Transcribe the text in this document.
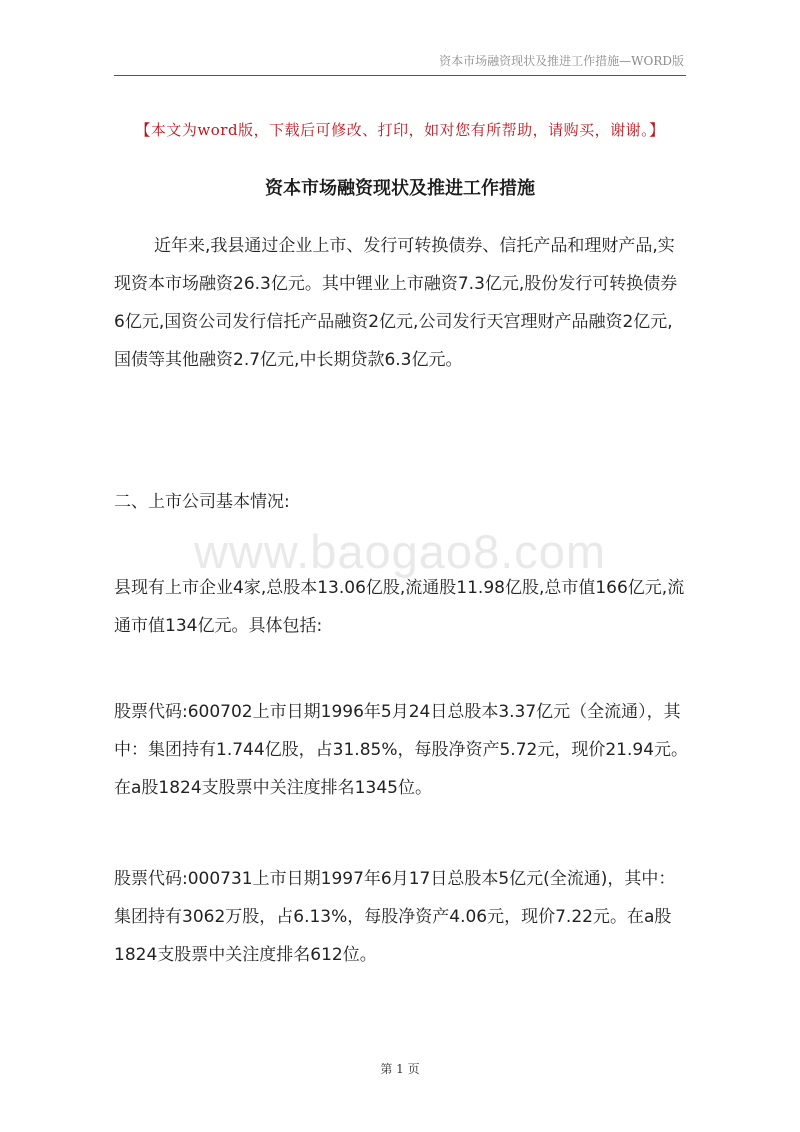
资本市场融资现状及推进工作措施—WORD版
【本文为word版，下载后可修改、打印，如对您有所帮助，请购买，谢谢。】
资本市场融资现状及推进工作措施

近年来,我县通过企业上市、发行可转换债券、信托产品和理财产品,实现资本市场融资26.3亿元。其中锂业上市融资7.3亿元,股份发行可转换债券6亿元,国资公司发行信托产品融资2亿元,公司发行天宫理财产品融资2亿元,国债等其他融资2.7亿元,中长期贷款6.3亿元。

二、上市公司基本情况:

www.baogao8.com

县现有上市企业4家,总股本13.06亿股,流通股11.98亿股,总市值166亿元,流通市值134亿元。具体包括:

股票代码:600702上市日期1996年5月24日总股本3.37亿元（全流通），其中：集团持有1.744亿股，占31.85%，每股净资产5.72元，现价21.94元。在a股1824支股票中关注度排名1345位。

股票代码:000731上市日期1997年6月17日总股本5亿元(全流通)，其中：集团持有3062万股，占6.13%，每股净资产4.06元，现价7.22元。在a股1824支股票中关注度排名612位。

第 1 页
